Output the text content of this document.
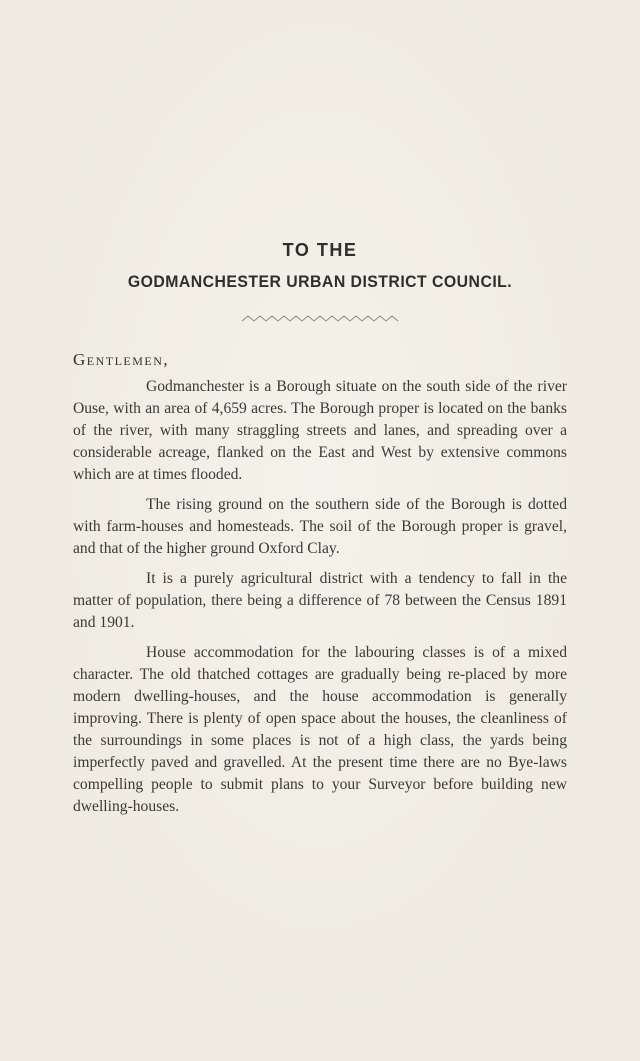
TO THE
GODMANCHESTER URBAN DISTRICT COUNCIL.
Gentlemen,

Godmanchester is a Borough situate on the south side of the river Ouse, with an area of 4,659 acres. The Borough proper is located on the banks of the river, with many straggling streets and lanes, and spreading over a considerable acreage, flanked on the East and West by extensive commons which are at times flooded.

The rising ground on the southern side of the Borough is dotted with farm-houses and homesteads. The soil of the Borough proper is gravel, and that of the higher ground Oxford Clay.

It is a purely agricultural district with a tendency to fall in the matter of population, there being a difference of 78 between the Census 1891 and 1901.

House accommodation for the labouring classes is of a mixed character. The old thatched cottages are gradually being re-placed by more modern dwelling-houses, and the house accommodation is generally improving. There is plenty of open space about the houses, the cleanliness of the surroundings in some places is not of a high class, the yards being imperfectly paved and gravelled. At the present time there are no Bye-laws compelling people to submit plans to your Surveyor before building new dwelling-houses.
